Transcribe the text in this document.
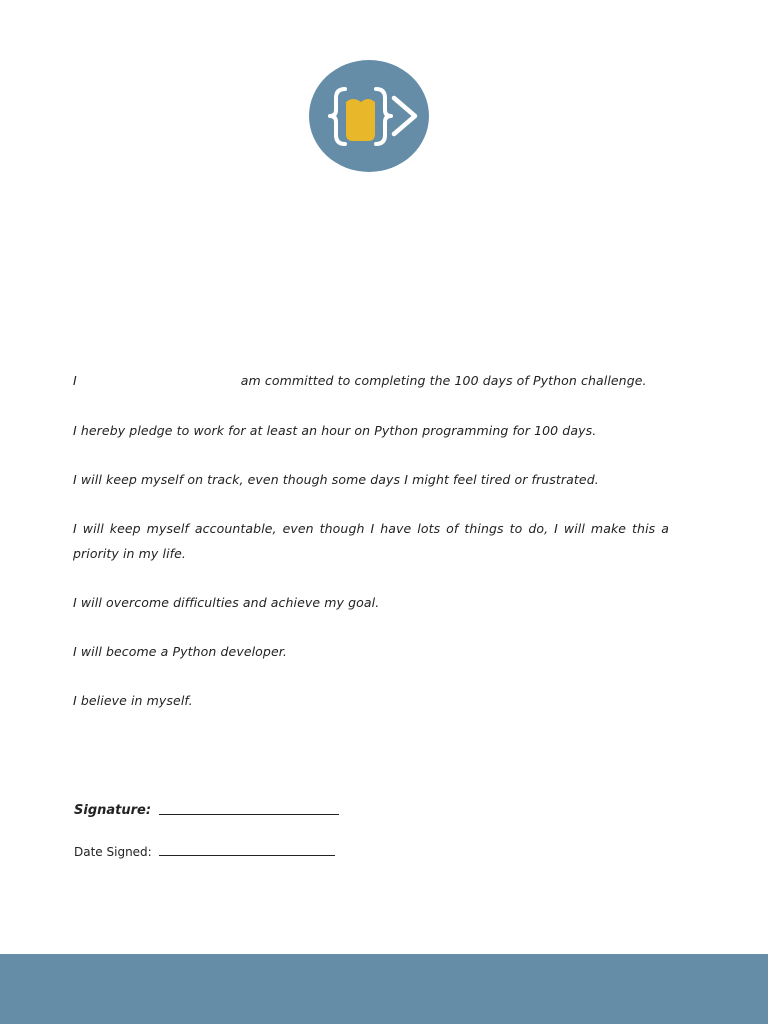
I	am committed to completing the 100 days of Python challenge.

I hereby pledge to work for at least an hour on Python programming for 100 days.

I will keep myself on track, even though some days I might feel tired or frustrated.

I will keep myself accountable, even though I have lots of things to do, I will make this a priority in my life.

I will overcome difficulties and achieve my goal.

I will become a Python developer.

I believe in myself.

Signature:
Date Signed:
